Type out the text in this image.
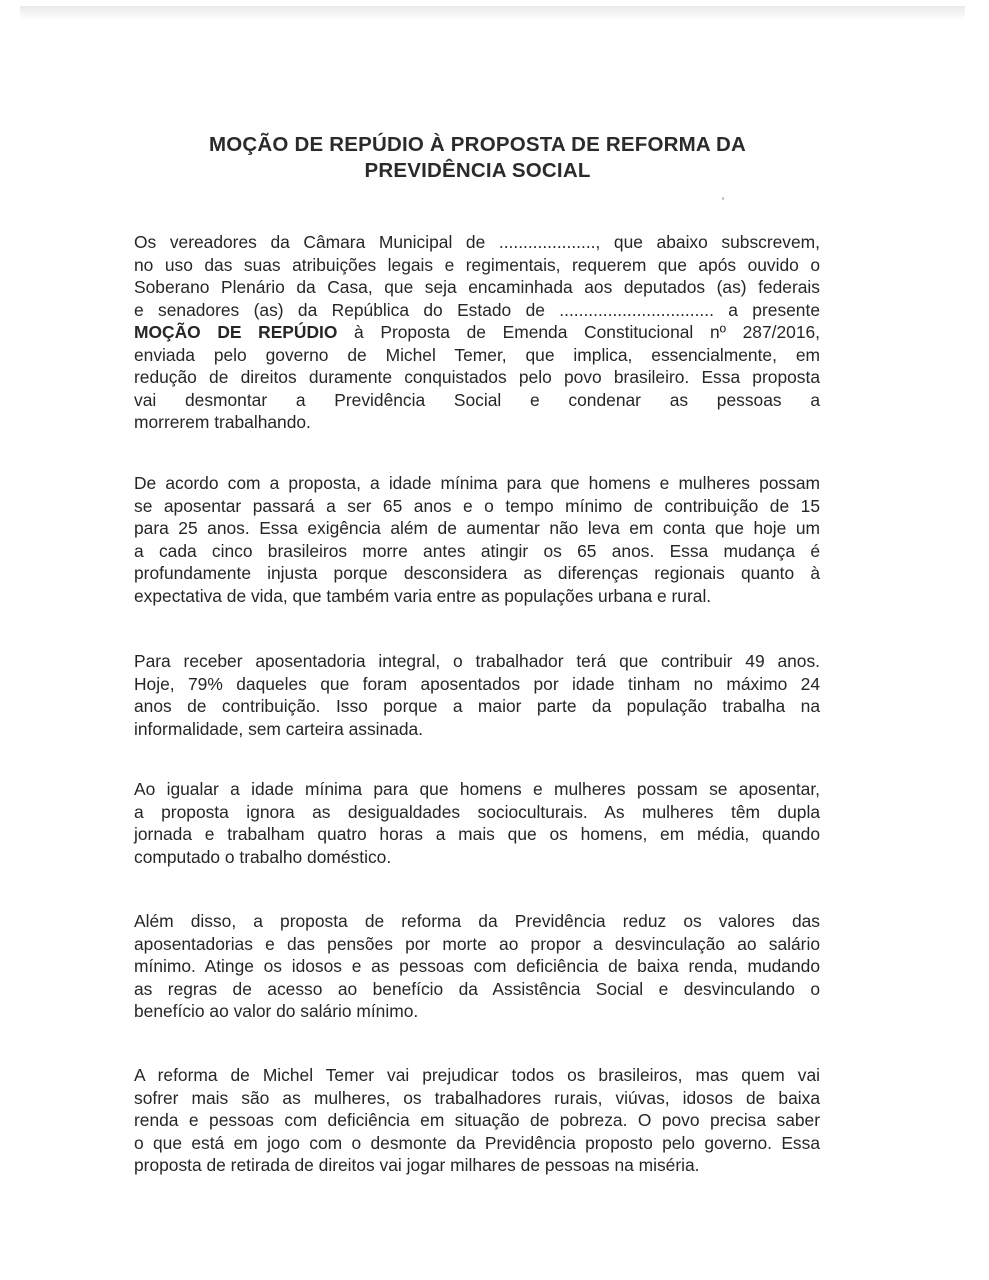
MOÇÃO DE REPÚDIO À PROPOSTA DE REFORMA DA
PREVIDÊNCIA SOCIAL
Os vereadores da Câmara Municipal de ...................., que abaixo subscrevem,
no uso das suas atribuições legais e regimentais, requerem que após ouvido o
Soberano Plenário da Casa, que seja encaminhada aos deputados (as) federais
e senadores (as) da República do Estado de ................................ a presente
MOÇÃO DE REPÚDIO à Proposta de Emenda Constitucional nº 287/2016,
enviada pelo governo de Michel Temer, que implica, essencialmente, em
redução de direitos duramente conquistados pelo povo brasileiro. Essa proposta
vai desmontar a Previdência Social e condenar as pessoas a
morrerem trabalhando.
De acordo com a proposta, a idade mínima para que homens e mulheres possam
se aposentar passará a ser 65 anos e o tempo mínimo de contribuição de 15
para 25 anos. Essa exigência além de aumentar não leva em conta que hoje um
a cada cinco brasileiros morre antes atingir os 65 anos. Essa mudança é
profundamente injusta porque desconsidera as diferenças regionais quanto à
expectativa de vida, que também varia entre as populações urbana e rural.
Para receber aposentadoria integral, o trabalhador terá que contribuir 49 anos.
Hoje, 79% daqueles que foram aposentados por idade tinham no máximo 24
anos de contribuição. Isso porque a maior parte da população trabalha na
informalidade, sem carteira assinada.
Ao igualar a idade mínima para que homens e mulheres possam se aposentar,
a proposta ignora as desigualdades socioculturais. As mulheres têm dupla
jornada e trabalham quatro horas a mais que os homens, em média, quando
computado o trabalho doméstico.
Além disso, a proposta de reforma da Previdência reduz os valores das
aposentadorias e das pensões por morte ao propor a desvinculação ao salário
mínimo. Atinge os idosos e as pessoas com deficiência de baixa renda, mudando
as regras de acesso ao benefício da Assistência Social e desvinculando o
benefício ao valor do salário mínimo.
A reforma de Michel Temer vai prejudicar todos os brasileiros, mas quem vai
sofrer mais são as mulheres, os trabalhadores rurais, viúvas, idosos de baixa
renda e pessoas com deficiência em situação de pobreza. O povo precisa saber
o que está em jogo com o desmonte da Previdência proposto pelo governo. Essa
proposta de retirada de direitos vai jogar milhares de pessoas na miséria.
